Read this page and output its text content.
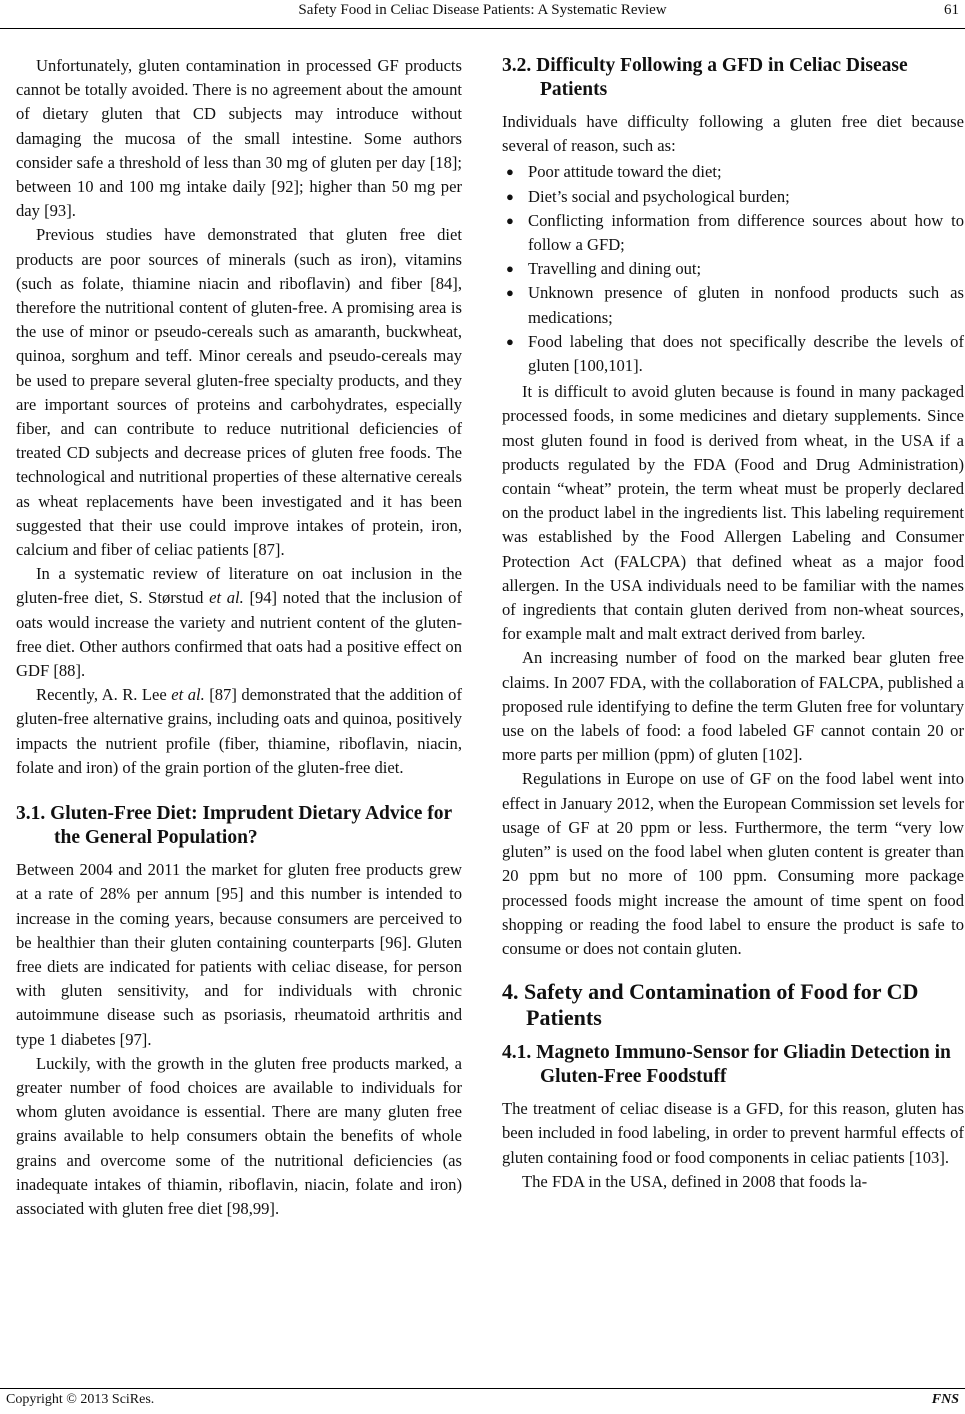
Safety Food in Celiac Disease Patients: A Systematic Review	61

Unfortunately, gluten contamination in processed GF products cannot be totally avoided. There is no agreement about the amount of dietary gluten that CD subjects may introduce without damaging the mucosa of the small intestine. Some authors consider safe a threshold of less than 30 mg of gluten per day [18]; between 10 and 100 mg intake daily [92]; higher than 50 mg per day [93].

Previous studies have demonstrated that gluten free diet products are poor sources of minerals (such as iron), vitamins (such as folate, thiamine niacin and riboflavin) and fiber [84], therefore the nutritional content of gluten-free. A promising area is the use of minor or pseudo-cereals such as amaranth, buckwheat, quinoa, sorghum and teff. Minor cereals and pseudo-cereals may be used to prepare several gluten-free specialty products, and they are important sources of proteins and carbohydrates, especially fiber, and can contribute to reduce nutritional deficiencies of treated CD subjects and decrease prices of gluten free foods. The technological and nutritional properties of these alternative cereals as wheat replacements have been investigated and it has been suggested that their use could improve intakes of protein, iron, calcium and fiber of celiac patients [87].

In a systematic review of literature on oat inclusion in the gluten-free diet, S. Størstud et al. [94] noted that the inclusion of oats would increase the variety and nutrient content of the gluten-free diet. Other authors confirmed that oats had a positive effect on GDF [88].

Recently, A. R. Lee et al. [87] demonstrated that the addition of gluten-free alternative grains, including oats and quinoa, positively impacts the nutrient profile (fiber, thiamine, riboflavin, niacin, folate and iron) of the grain portion of the gluten-free diet.

3.1. Gluten-Free Diet: Imprudent Dietary Advice for the General Population?

Between 2004 and 2011 the market for gluten free products grew at a rate of 28% per annum [95] and this number is intended to increase in the coming years, because consumers are perceived to be healthier than their gluten containing counterparts [96]. Gluten free diets are indicated for patients with celiac disease, for person with gluten sensitivity, and for individuals with chronic autoimmune disease such as psoriasis, rheumatoid arthritis and type 1 diabetes [97].

Luckily, with the growth in the gluten free products marked, a greater number of food choices are available to individuals for whom gluten avoidance is essential. There are many gluten free grains available to help consumers obtain the benefits of whole grains and overcome some of the nutritional deficiencies (as inadequate intakes of thiamin, riboflavin, niacin, folate and iron) associated with gluten free diet [98,99].

3.2. Difficulty Following a GFD in Celiac Disease Patients

Individuals have difficulty following a gluten free diet because several of reason, such as:

● Poor attitude toward the diet;
● Diet’s social and psychological burden;
● Conflicting information from difference sources about how to follow a GFD;
● Travelling and dining out;
● Unknown presence of gluten in nonfood products such as medications;
● Food labeling that does not specifically describe the levels of gluten [100,101].

It is difficult to avoid gluten because is found in many packaged processed foods, in some medicines and dietary supplements. Since most gluten found in food is derived from wheat, in the USA if a products regulated by the FDA (Food and Drug Administration) contain “wheat” protein, the term wheat must be properly declared on the product label in the ingredients list. This labeling requirement was established by the Food Allergen Labeling and Consumer Protection Act (FALCPA) that defined wheat as a major food allergen. In the USA individuals need to be familiar with the names of ingredients that contain gluten derived from non-wheat sources, for example malt and malt extract derived from barley.

An increasing number of food on the marked bear gluten free claims. In 2007 FDA, with the collaboration of FALCPA, published a proposed rule identifying to define the term Gluten free for voluntary use on the labels of food: a food labeled GF cannot contain 20 or more parts per million (ppm) of gluten [102].

Regulations in Europe on use of GF on the food label went into effect in January 2012, when the European Commission set levels for usage of GF at 20 ppm or less. Furthermore, the term “very low gluten” is used on the food label when gluten content is greater than 20 ppm but no more of 100 ppm. Consuming more package processed foods might increase the amount of time spent on food shopping or reading the food label to ensure the product is safe to consume or does not contain gluten.

4. Safety and Contamination of Food for CD Patients
4.1. Magneto Immuno-Sensor for Gliadin Detection in Gluten-Free Foodstuff

The treatment of celiac disease is a GFD, for this reason, gluten has been included in food labeling, in order to prevent harmful effects of gluten containing food or food components in celiac patients [103].

The FDA in the USA, defined in 2008 that foods la-

Copyright © 2013 SciRes.	FNS
